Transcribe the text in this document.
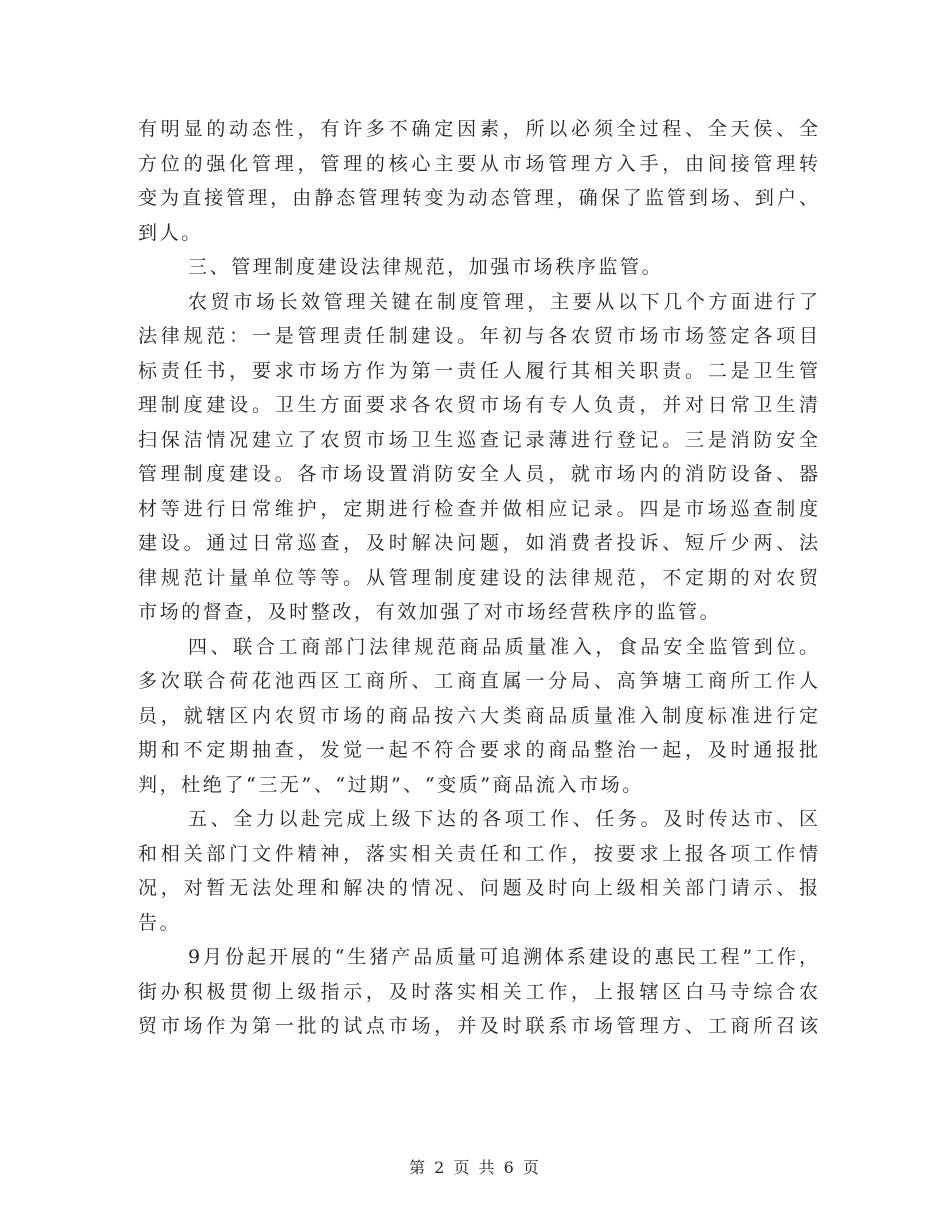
有明显的动态性，有许多不确定因素，所以必须全过程、全天侯、全
方位的强化管理，管理的核心主要从市场管理方入手，由间接管理转
变为直接管理，由静态管理转变为动态管理，确保了监管到场、到户、
到人。
三、管理制度建设法律规范，加强市场秩序监管。
农贸市场长效管理关键在制度管理，主要从以下几个方面进行了
法律规范：一是管理责任制建设。年初与各农贸市场市场签定各项目
标责任书，要求市场方作为第一责任人履行其相关职责。二是卫生管
理制度建设。卫生方面要求各农贸市场有专人负责，并对日常卫生清
扫保洁情况建立了农贸市场卫生巡查记录薄进行登记。三是消防安全
管理制度建设。各市场设置消防安全人员，就市场内的消防设备、器
材等进行日常维护，定期进行检查并做相应记录。四是市场巡查制度
建设。通过日常巡查，及时解决问题，如消费者投诉、短斤少两、法
律规范计量单位等等。从管理制度建设的法律规范，不定期的对农贸
市场的督查，及时整改，有效加强了对市场经营秩序的监管。
四、联合工商部门法律规范商品质量准入，食品安全监管到位。
多次联合荷花池西区工商所、工商直属一分局、高笋塘工商所工作人
员，就辖区内农贸市场的商品按六大类商品质量准入制度标准进行定
期和不定期抽查，发觉一起不符合要求的商品整治一起，及时通报批
判，杜绝了“三无”、“过期”、“变质”商品流入市场。
五、全力以赴完成上级下达的各项工作、任务。及时传达市、区
和相关部门文件精神，落实相关责任和工作，按要求上报各项工作情
况，对暂无法处理和解决的情况、问题及时向上级相关部门请示、报
告。
9月份起开展的“生猪产品质量可追溯体系建设的惠民工程”工作，
街办积极贯彻上级指示，及时落实相关工作，上报辖区白马寺综合农
贸市场作为第一批的试点市场，并及时联系市场管理方、工商所召该
第 2 页 共 6 页
